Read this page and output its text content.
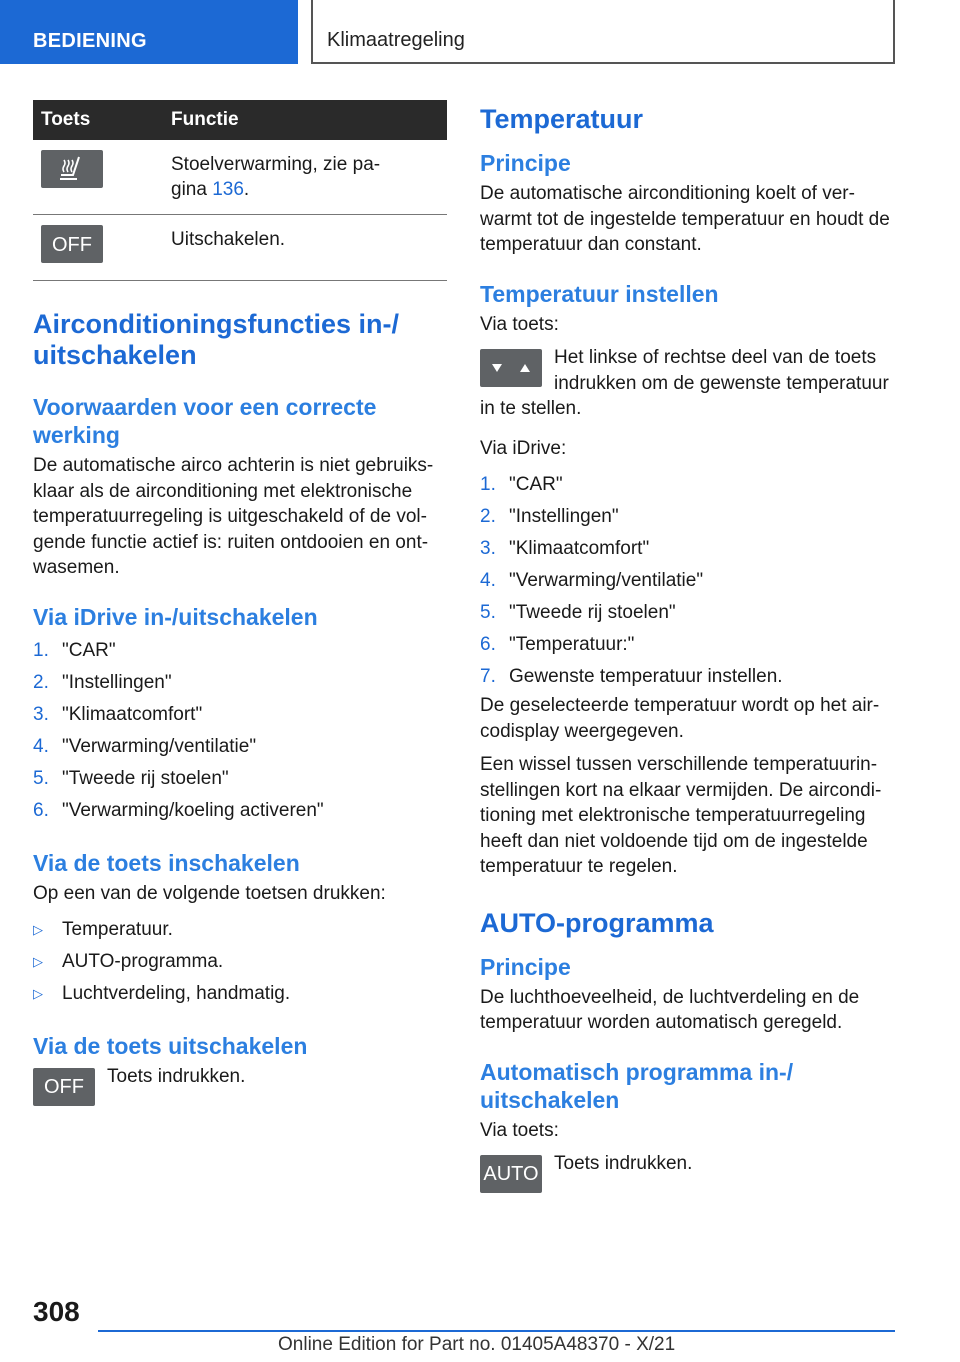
BEDIENING	Klimaatregeling
Toets	Functie

	Stoelverwarming, zie pa-
gina 136.

OFF	Uitschakelen.
Airconditioningsfuncties in-/ uitschakelen
Voorwaarden voor een correcte werking

De automatische airco achterin is niet gebruiksklaar als de airconditioning met elektronische temperatuurregeling is uitgeschakeld of de volgende functie actief is: ruiten ontdooien en ontwasemen.

Via iDrive in-/uitschakelen
1. "CAR"
2. "Instellingen"
3. "Klimaatcomfort"
4. "Verwarming/ventilatie"
5. "Tweede rij stoelen"
6. "Verwarming/koeling activeren"
Via de toets inschakelen

Op een van de volgende toetsen drukken:

▷ Temperatuur.
▷ AUTO-programma.
▷ Luchtverdeling, handmatig.
Via de toets uitschakelen
OFF	Toets indrukken.

Temperatuur
Principe

De automatische airconditioning koelt of verwarmt tot de ingestelde temperatuur en houdt de temperatuur dan constant.

Temperatuur instellen

Via toets:

Het linkse of rechtse deel van de toets indrukken om de gewenste temperatuur in te stellen.

Via iDrive:

1. "CAR"
2. "Instellingen"
3. "Klimaatcomfort"
4. "Verwarming/ventilatie"
5. "Tweede rij stoelen"
6. "Temperatuur:"
7. Gewenste temperatuur instellen.

De geselecteerde temperatuur wordt op het aircodisplay weergegeven.

Een wissel tussen verschillende temperatuurinstellingen kort na elkaar vermijden. De airconditioning met elektronische temperatuurregeling heeft dan niet voldoende tijd om de ingestelde temperatuur te regelen.

AUTO-programma
Principe

De luchthoeveelheid, de luchtverdeling en de temperatuur worden automatisch geregeld.

Automatisch programma in-/ uitschakelen

Via toets:

AUTO Toets indrukken.

308
Online Edition for Part no. 01405A48370 - X/21
